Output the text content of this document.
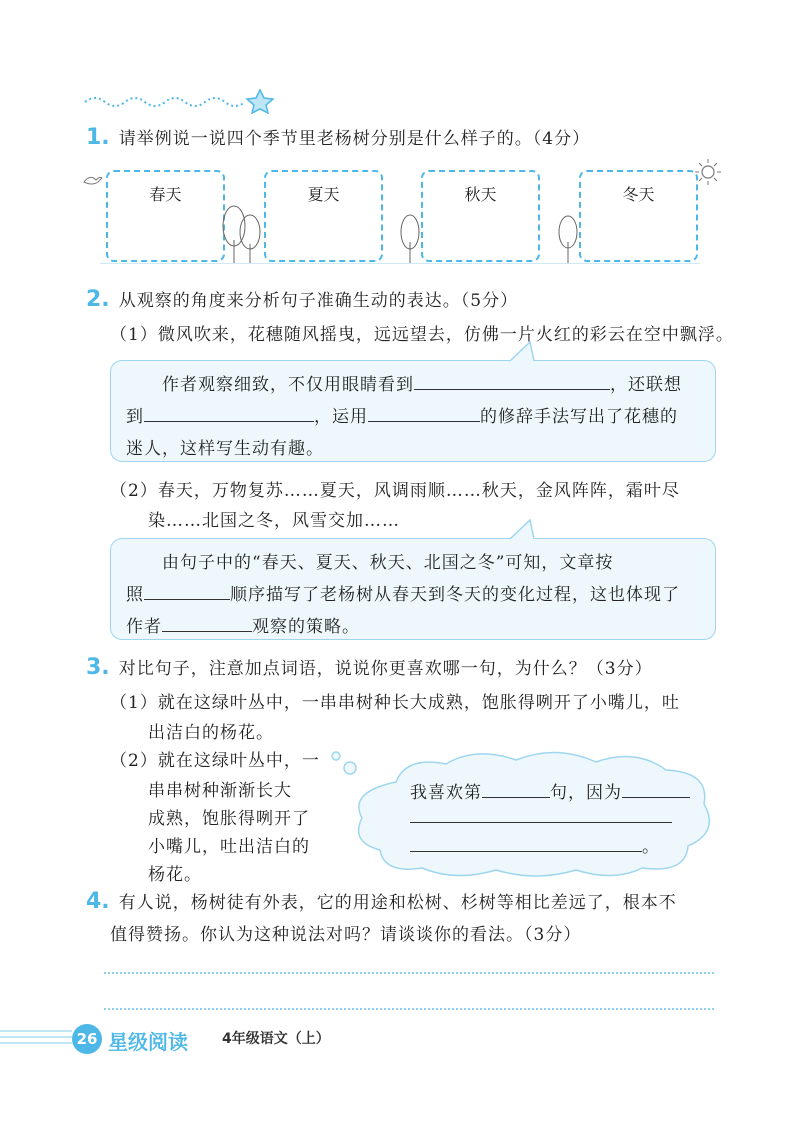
1. 请举例说一说四个季节里老杨树分别是什么样子的。（4分）
春天	夏天	秋天	冬天
2. 从观察的角度来分析句子准确生动的表达。（5分）
（1）微风吹来，花穗随风摇曳，远远望去，仿佛一片火红的彩云在空中飘浮。
作者观察细致，不仅用眼睛看到	，还联想
到	，运用	的修辞手法写出了花穗的
迷人，这样写生动有趣。
（2）春天，万物复苏……夏天，风调雨顺……秋天，金风阵阵，霜叶尽
染……北国之冬，风雪交加……
由句子中的“春天、夏天、秋天、北国之冬”可知，文章按
照	顺序描写了老杨树从春天到冬天的变化过程，这也体现了
作者	观察的策略。
3. 对比句子，注意加点词语，说说你更喜欢哪一句，为什么？（3分）
（1）就在这绿叶丛中，一串串树种长大成熟，饱胀得咧开了小嘴儿，吐
出洁白的杨花。
（2）就在这绿叶丛中，一
串串树种渐渐长大
成熟，饱胀得咧开了
小嘴儿，吐出洁白的
杨花。
我喜欢第	句，因为
。
4. 有人说，杨树徒有外表，它的用途和松树、杉树等相比差远了，根本不
值得赞扬。你认为这种说法对吗？请谈谈你的看法。（3分）
26 星级阅读 4年级语文（上）
